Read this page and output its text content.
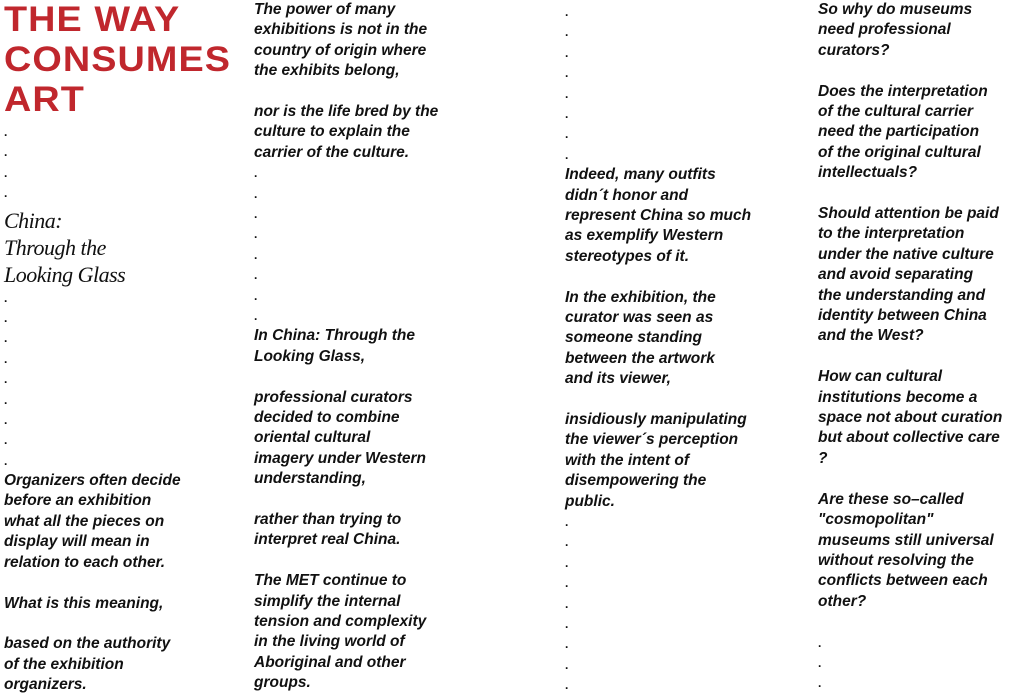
THE WAY
CONSUMES
ART
.
.
.
.
China:
Through the
Looking Glass
.
.
.
.
.
.
.
.
.

Organizers often decide
before an exhibition
what all the pieces on
display will mean in
relation to each other.

What is this meaning,

based on the authority
of the exhibition
organizers.

The power of many
exhibitions is not in the
country of origin where
the exhibits belong,

nor is the life bred by the
culture to explain the
carrier of the culture.

.
.
.
.
.
.
.
.

In China: Through the
Looking Glass,

professional curators
decided to combine
oriental cultural
imagery under Western
understanding,

rather than trying to
interpret real China.

The MET continue to
simplify the internal
tension and complexity
in the living world of
Aboriginal and other
groups.

.
.
.
.
.
.
.
.

Indeed, many outfits
didn´t honor and
represent China so much
as exemplify Western
stereotypes of it.

In the exhibition, the
curator was seen as
someone standing
between the artwork
and its viewer,

insidiously manipulating
the viewer´s perception
with the intent of
disempowering the
public.

.
.
.
.
.
.
.
.
.

So why do museums
need professional
curators?

Does the interpretation
of the cultural carrier
need the participation
of the original cultural
intellectuals?

Should attention be paid
to the interpretation
under the native culture
and avoid separating
the understanding and
identity between China
and the West?

How can cultural
institutions become a
space not about curation
but about collective care
?

Are these so–called
"cosmopolitan"
museums still universal
without resolving the
conflicts between each
other?

.
.
.
